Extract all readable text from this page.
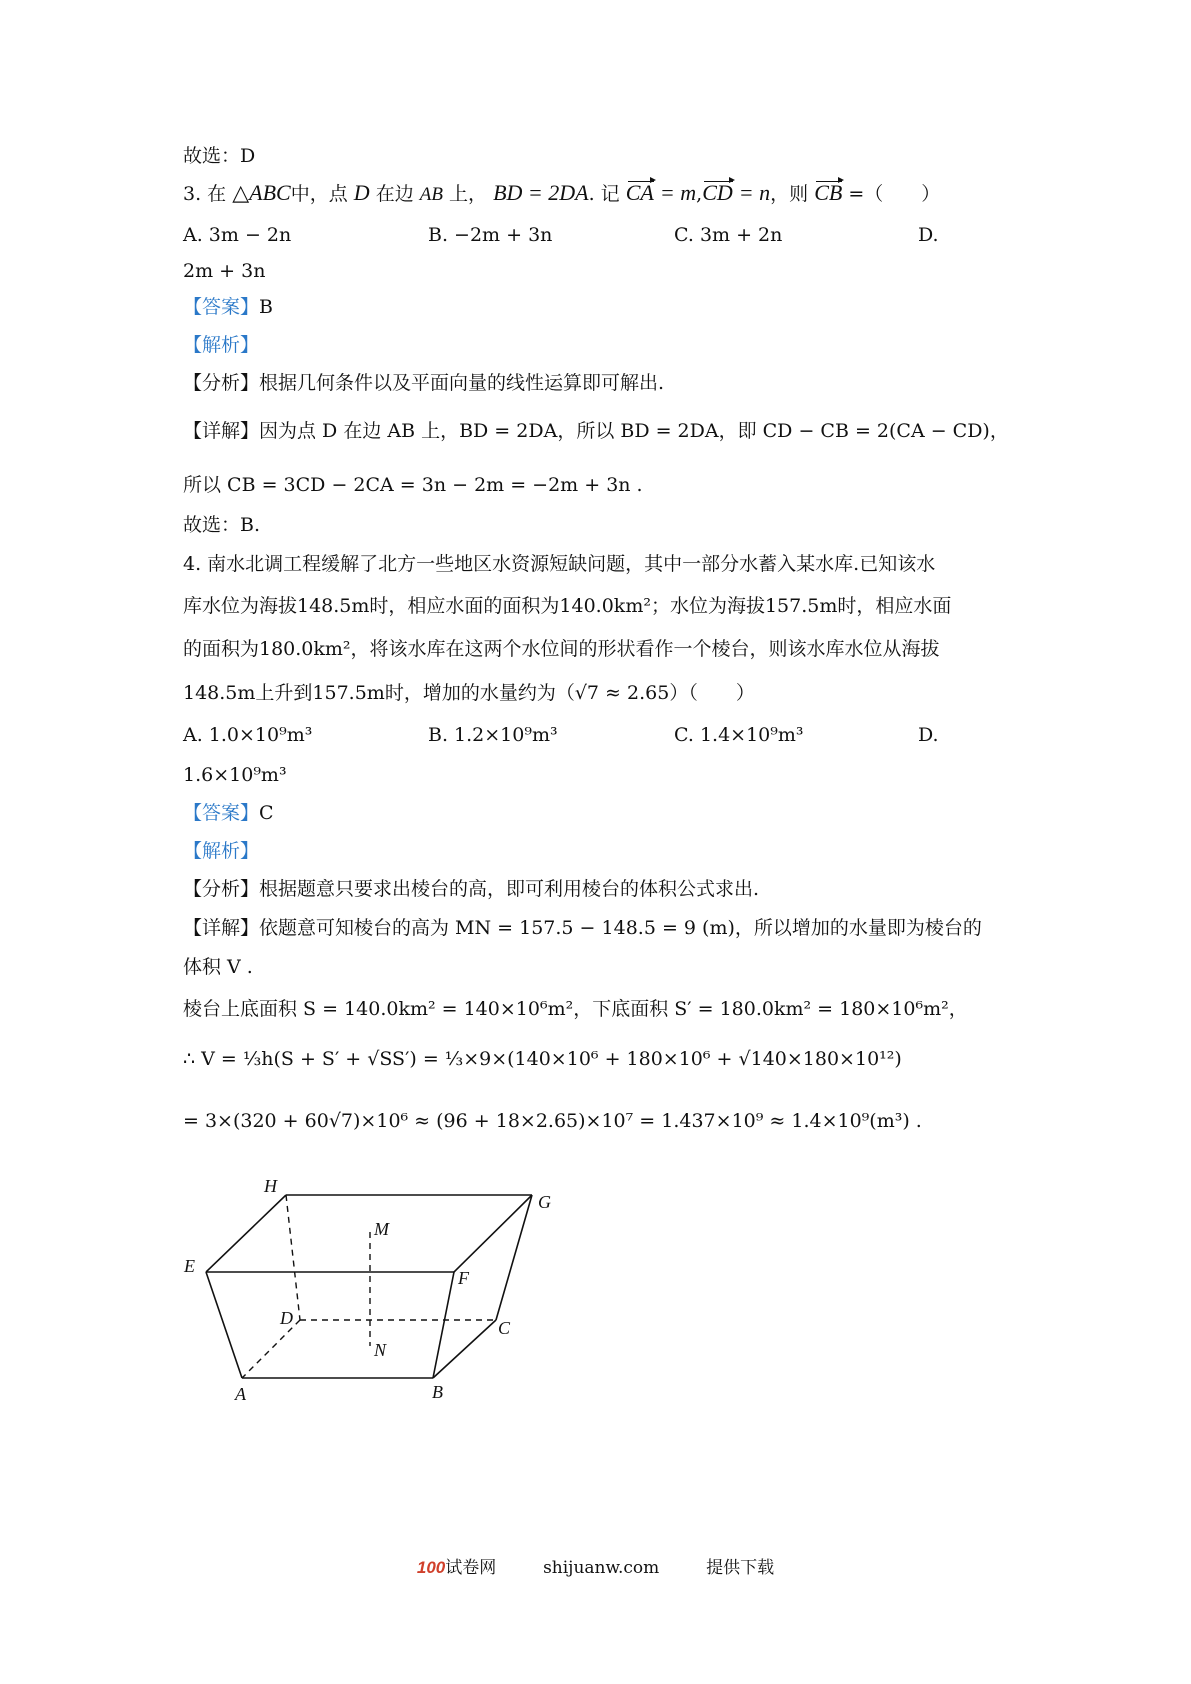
故选：D
3. 在 △ABC中，点 D 在边 AB 上， BD = 2DA. 记 CA = m,CD = n，则 CB =（　　）
A. 3m − 2n	B. −2m + 3n	C. 3m + 2n	D.
2m + 3n
【答案】B
【解析】
【分析】根据几何条件以及平面向量的线性运算即可解出.
【详解】因为点 D 在边 AB 上，BD = 2DA，所以 BD = 2DA，即 CD − CB = 2(CA − CD)，
所以 CB = 3CD − 2CA = 3n − 2m = −2m + 3n .
故选：B.
4. 南水北调工程缓解了北方一些地区水资源短缺问题，其中一部分水蓄入某水库.已知该水
库水位为海拔148.5m时，相应水面的面积为140.0km²；水位为海拔157.5m时，相应水面
的面积为180.0km²，将该水库在这两个水位间的形状看作一个棱台，则该水库水位从海拔
148.5m上升到157.5m时，增加的水量约为（√7 ≈ 2.65）（　　）
A. 1.0×10⁹m³	B. 1.2×10⁹m³	C. 1.4×10⁹m³	D.
1.6×10⁹m³
【答案】C
【解析】
【分析】根据题意只要求出棱台的高，即可利用棱台的体积公式求出.
【详解】依题意可知棱台的高为 MN = 157.5 − 148.5 = 9 (m)，所以增加的水量即为棱台的
体积 V .
棱台上底面积 S = 140.0km² = 140×10⁶m²，下底面积 S′ = 180.0km² = 180×10⁶m²，
∴ V = ⅓h(S + S′ + √SS′) = ⅓×9×(140×10⁶ + 180×10⁶ + √140×180×10¹²)
= 3×(320 + 60√7)×10⁶ ≈ (96 + 18×2.65)×10⁷ = 1.437×10⁹ ≈ 1.4×10⁹(m³) .
H
G
M
E
F
D	C
N
A	B
100试卷网	shijuanw.com	提供下载
